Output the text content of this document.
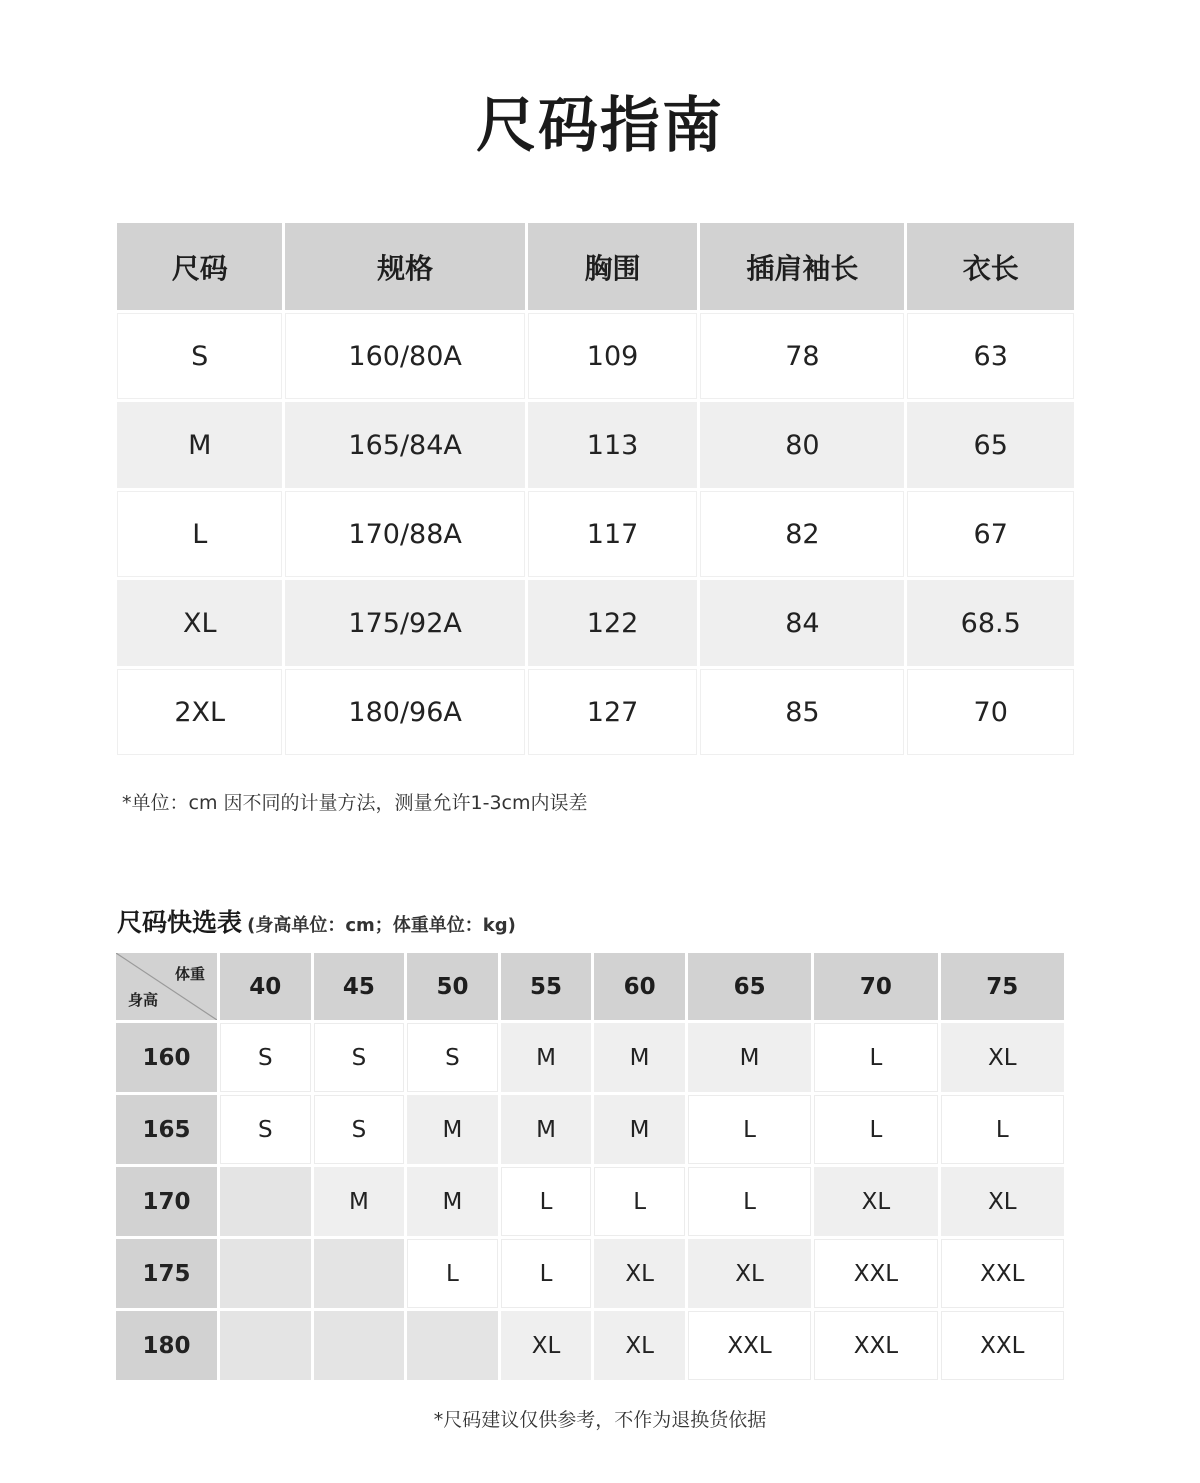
尺码指南
尺码	规格	胸围	插肩袖长	衣长
S	160/80A	109	78	63
M	165/84A	113	80	65
L	170/88A	117	82	67
XL	175/92A	122	84	68.5
2XL	180/96A	127	85	70
*单位：cm 因不同的计量方法，测量允许1-3cm内误差
尺码快选表 (身高单位：cm；体重单位：kg)
体重
身高	40	45	50	55	60	65	70	75
160	S	S	S	M	M	M	L	XL
165	S	S	M	M	M	L	L	L
170		M	M	L	L	L	XL	XL
175			L	L	XL	XL	XXL	XXL
180				XL	XL	XXL	XXL	XXL
*尺码建议仅供参考，不作为退换货依据
